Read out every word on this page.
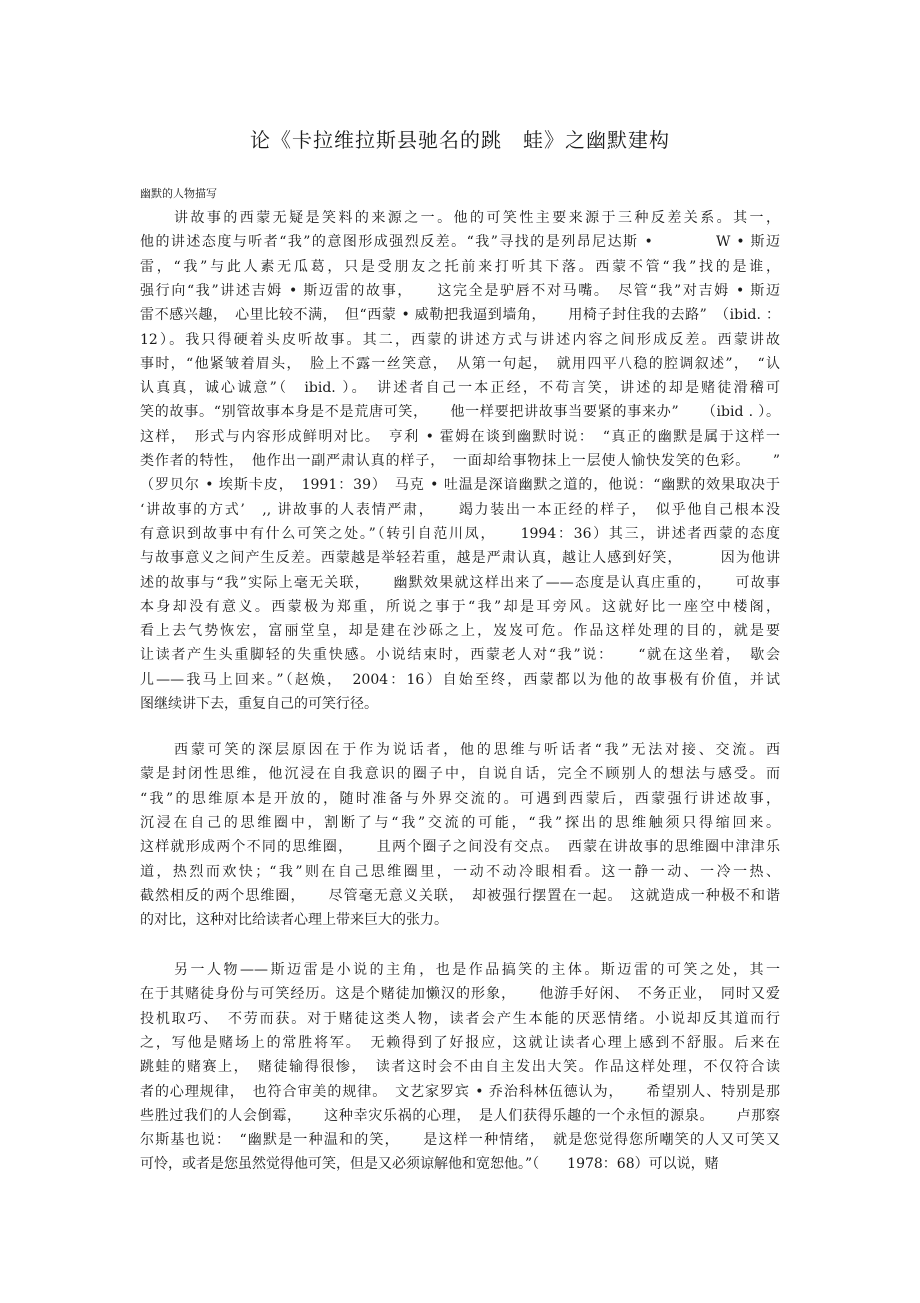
论《卡拉维拉斯县驰名的跳　蛙》之幽默建构

幽默的人物描写

讲故事的西蒙无疑是笑料的来源之一。他的可笑性主要来源于三种反差关系。其一，

他的讲述态度与听者“我”的意图形成强烈反差。“我”寻找的是列昂尼达斯 •　　　　W • 斯迈

雷，“我”与此人素无瓜葛，只是受朋友之托前来打听其下落。西蒙不管“我”找的是谁，

强行向“我”讲述吉姆 • 斯迈雷的故事，　　这完全是驴唇不对马嘴。　尽管“我”对吉姆 • 斯迈

雷不感兴趣，　心里比较不满，　但“西蒙 • 威勒把我逼到墙角，　　用椅子封住我的去路”　（ibid. ：

12）。我只得硬着头皮听故事。其二，西蒙的讲述方式与讲述内容之间形成反差。西蒙讲故

事时，“他紧皱着眉头，　脸上不露一丝笑意，　从第一句起，　就用四平八稳的腔调叙述”，　“认

认真真，诚心诚意”（　ibid. ）。　讲述者自己一本正经，不苟言笑，讲述的却是赌徒滑稽可

笑的故事。“别管故事本身是不是荒唐可笑，　　他一样要把讲故事当要紧的事来办”　　（ibid . ）。

这样，　形式与内容形成鲜明对比。　亨利 • 霍姆在谈到幽默时说：　“真正的幽默是属于这样一

类作者的特性，　他作出一副严肃认真的样子，　一面却给事物抹上一层使人愉快发笑的色彩。　　”

（罗贝尔 • 埃斯卡皮，　1991：39）　马克 • 吐温是深谙幽默之道的，他说：“幽默的效果取决于

‘讲故事的方式’　,, 讲故事的人表情严肃，　　竭力装出一本正经的样子，　似乎他自己根本没

有意识到故事中有什么可笑之处。”（转引自范川凤，　　1994：36）其三，讲述者西蒙的态度

与故事意义之间产生反差。西蒙越是举轻若重，越是严肃认真，越让人感到好笑，　　　因为他讲

述的故事与“我”实际上毫无关联，　　幽默效果就这样出来了——态度是认真庄重的，　　可故事

本身却没有意义。西蒙极为郑重，所说之事于“我”却是耳旁风。这就好比一座空中楼阁，

看上去气势恢宏，富丽堂皇，却是建在沙砾之上，岌岌可危。作品这样处理的目的，就是要

让读者产生头重脚轻的失重快感。小说结束时，西蒙老人对“我”说：　　“就在这坐着，　歇会

儿——我马上回来。”（赵焕，　2004：16）自始至终，西蒙都以为他的故事极有价值，并试

图继续讲下去，重复自己的可笑行径。

西蒙可笑的深层原因在于作为说话者，他的思维与听话者“我”无法对接、交流。西

蒙是封闭性思维，他沉浸在自我意识的圈子中，自说自话，完全不顾别人的想法与感受。而

“我”的思维原本是开放的，随时准备与外界交流的。可遇到西蒙后，西蒙强行讲述故事，

沉浸在自己的思维圈中，割断了与“我”交流的可能，“我”探出的思维触须只得缩回来。

这样就形成两个不同的思维圈，　　且两个圈子之间没有交点。　西蒙在讲故事的思维圈中津津乐

道，热烈而欢快；“我”则在自己思维圈里，一动不动冷眼相看。这一静一动、一冷一热、

截然相反的两个思维圈，　　尽管毫无意义关联，　却被强行摆置在一起。　这就造成一种极不和谐

的对比，这种对比给读者心理上带来巨大的张力。

另一人物——斯迈雷是小说的主角，也是作品搞笑的主体。斯迈雷的可笑之处，其一

在于其赌徒身份与可笑经历。这是个赌徒加懒汉的形象，　　他游手好闲、　不务正业，　同时又爱

投机取巧、　不劳而获。对于赌徒这类人物，读者会产生本能的厌恶情绪。小说却反其道而行

之，写他是赌场上的常胜将军。　无赖得到了好报应，这就让读者心理上感到不舒服。后来在

跳蛙的赌赛上，　赌徒输得很惨，　读者这时会不由自主发出大笑。作品这样处理，不仅符合读

者的心理规律，　也符合审美的规律。　文艺家罗宾 • 乔治科林伍德认为，　　希望别人、特别是那

些胜过我们的人会倒霉，　　这种幸灾乐祸的心理，　是人们获得乐趣的一个永恒的源泉。　　卢那察

尔斯基也说：　“幽默是一种温和的笑，　　是这样一种情绪，　就是您觉得您所嘲笑的人又可笑又

可怜，或者是您虽然觉得他可笑，但是又必须谅解他和宽恕他。”（　　1978：68）可以说，赌
